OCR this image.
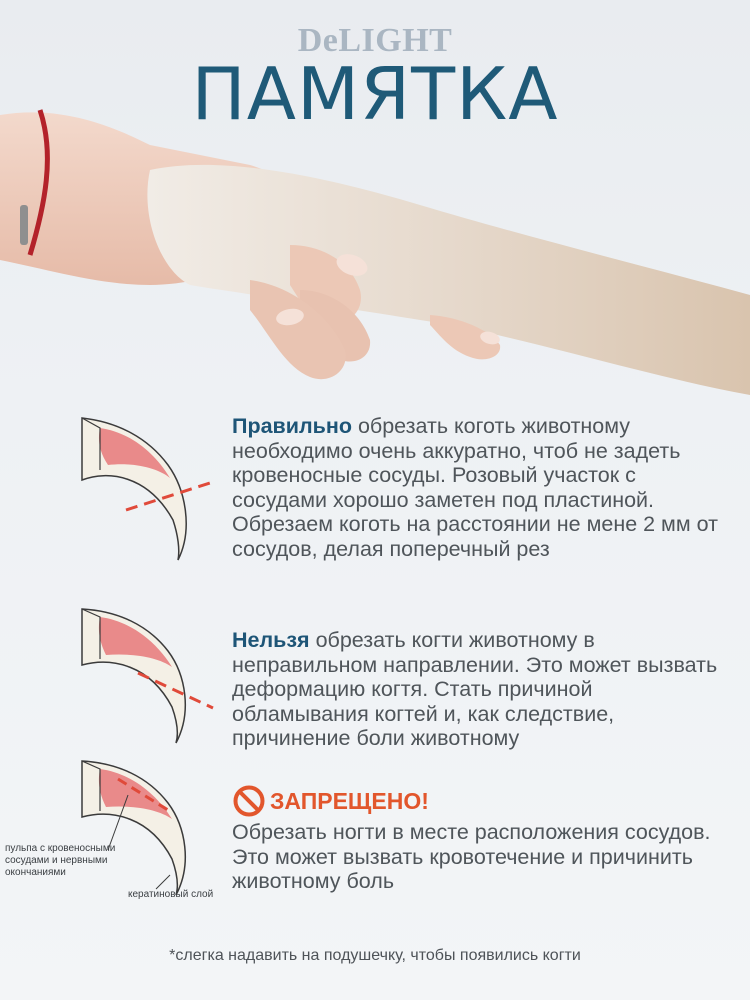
DeLIGHT
ПАМЯТКА
пульпа с кровеносными сосудами и нервными окончаниями
кератиновый слой
Правильно обрезать коготь животному необходимо очень аккуратно, чтоб не задеть кровеносные сосуды. Розовый участок с сосудами хорошо заметен под пластиной. Обрезаем коготь на расстоянии не мене 2 мм от сосудов, делая поперечный рез
Нельзя обрезать когти животному в неправильном направлении. Это может вызвать деформацию когтя. Стать причиной обламывания когтей и, как следствие, причинение боли животному
ЗАПРЕЩЕНО!
Обрезать ногти в месте расположения сосудов. Это может вызвать кровотечение и причинить животному боль
*слегка надавить на подушечку, чтобы появились когти
